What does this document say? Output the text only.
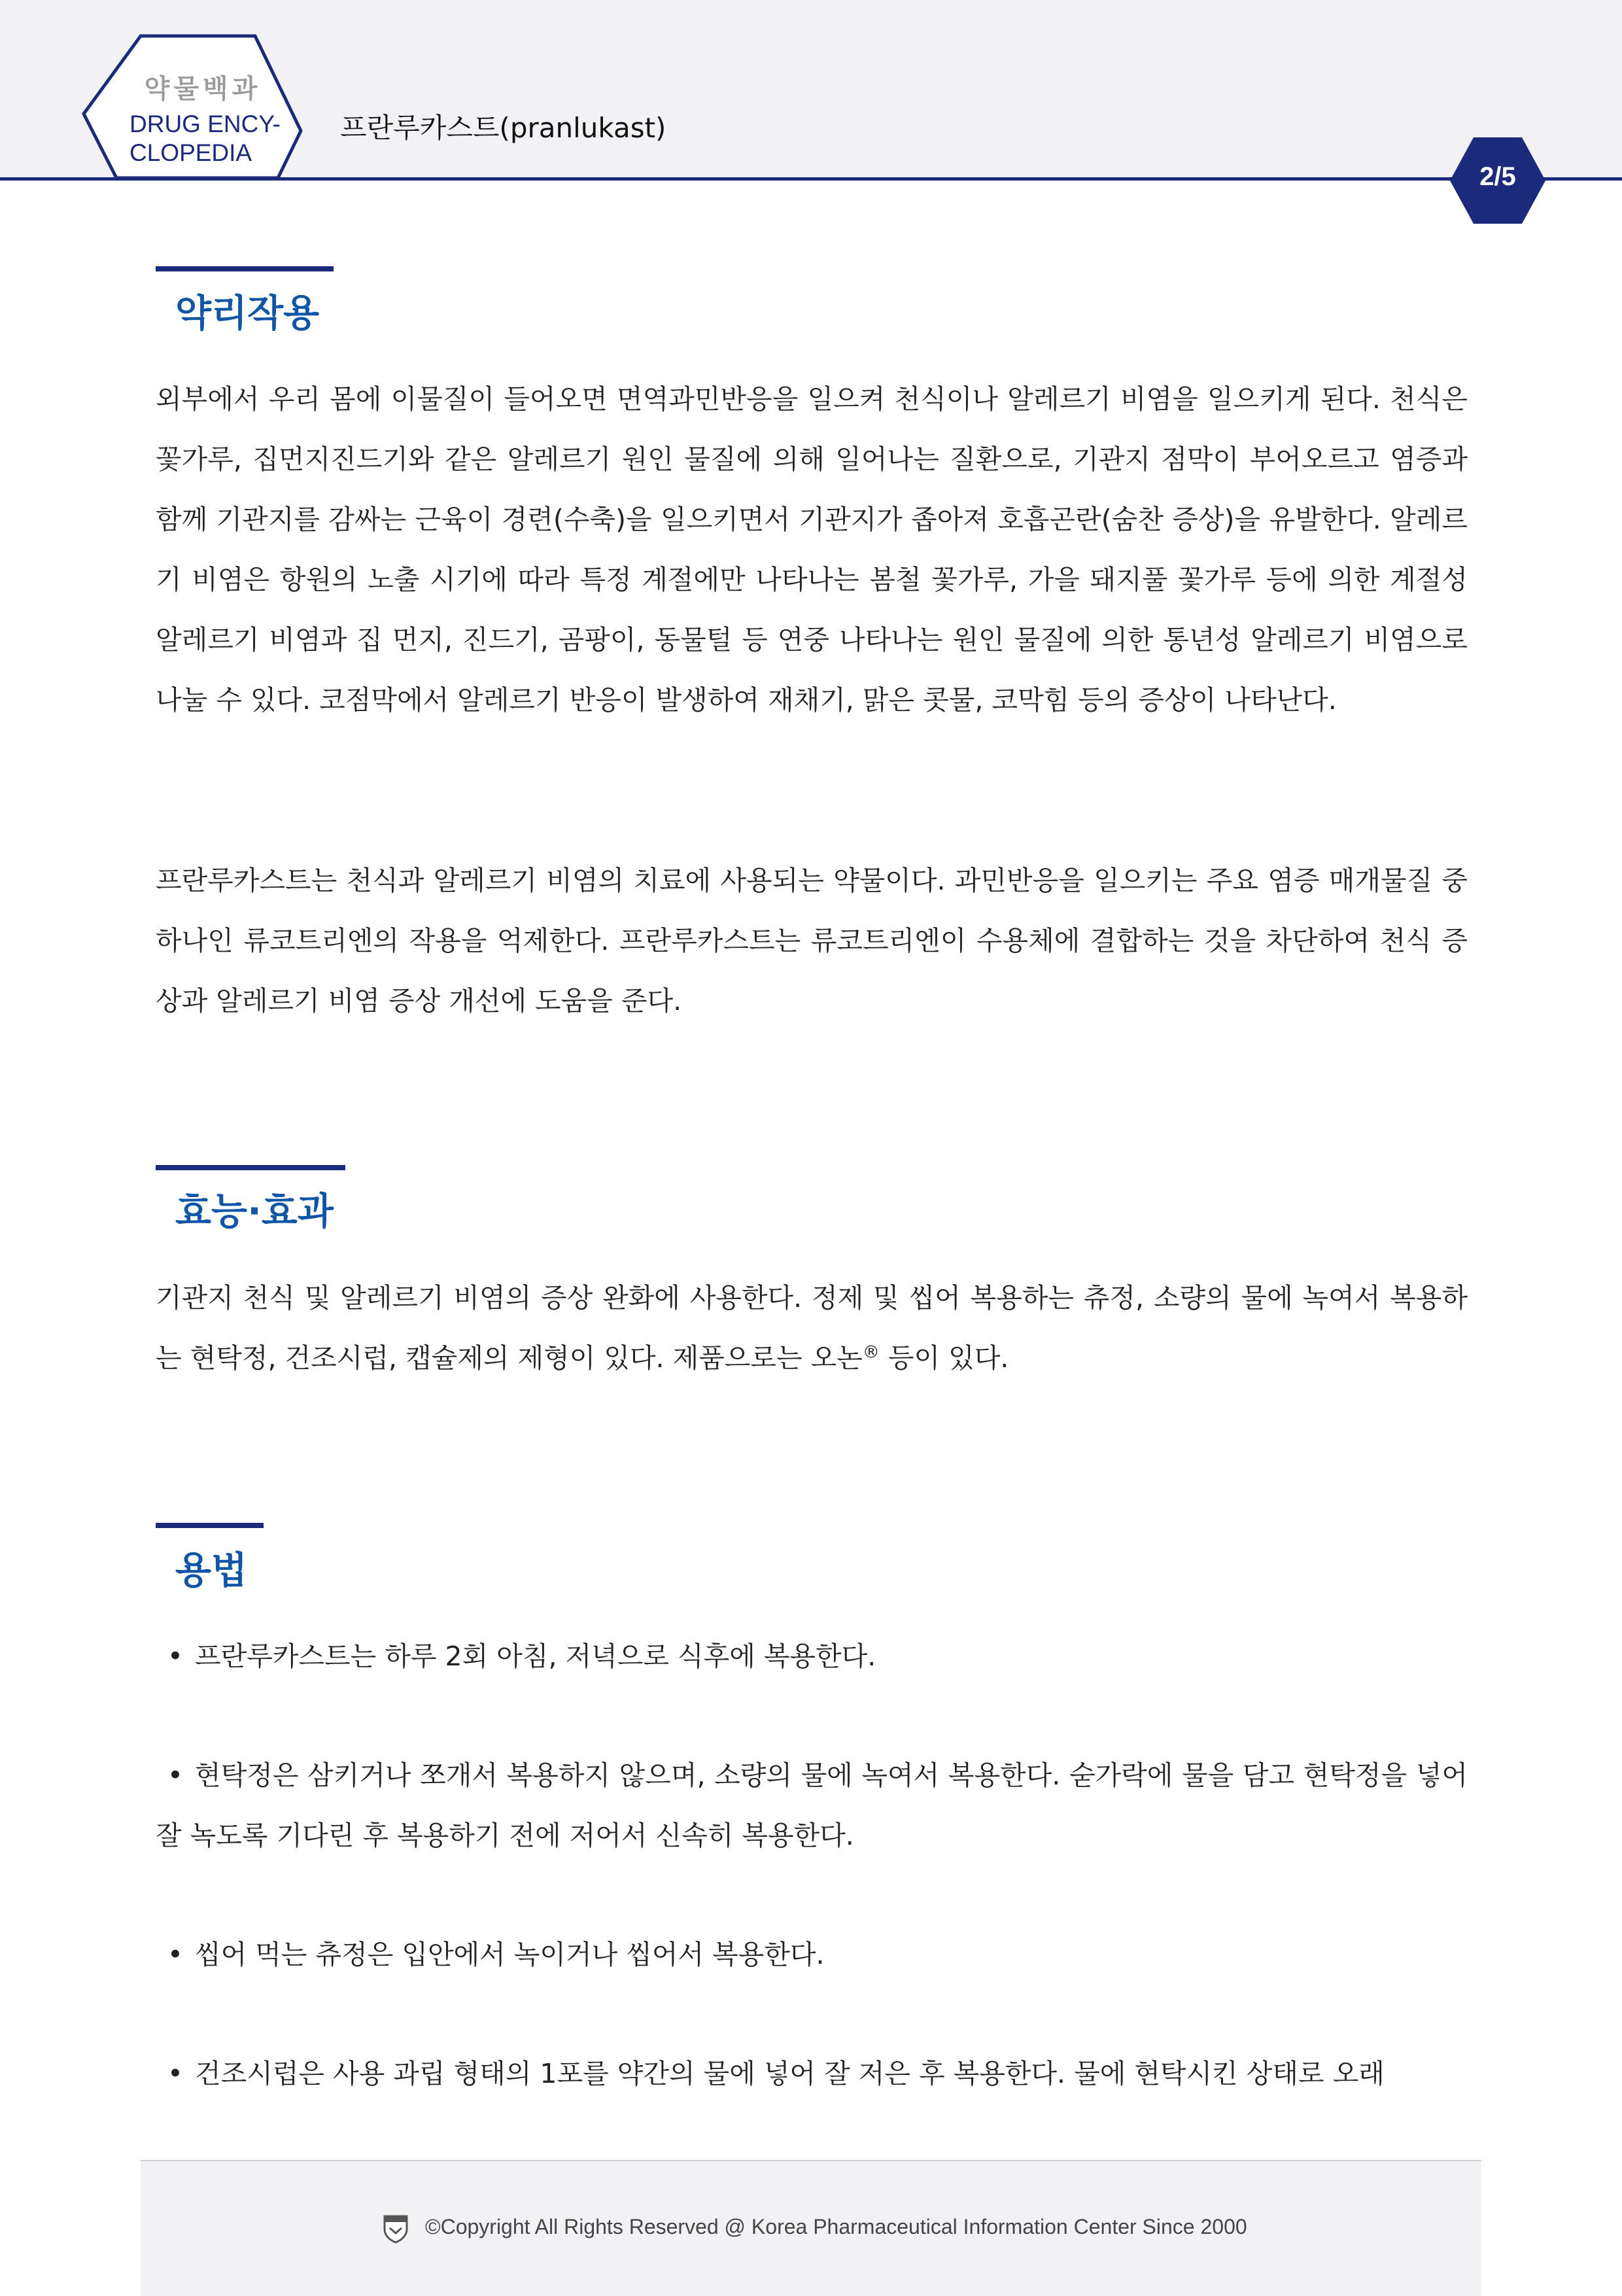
약물백과
DRUG ENCY-
CLOPEDIA
프란루카스트(pranlukast)
2/5
약리작용

외부에서 우리 몸에 이물질이 들어오면 면역과민반응을 일으켜 천식이나 알레르기 비염을 일으키게 된다. 천식은 꽃가루, 집먼지진드기와 같은 알레르기 원인 물질에 의해 일어나는 질환으로, 기관지 점막이 부어오르고 염증과 함께 기관지를 감싸는 근육이 경련(수축)을 일으키면서 기관지가 좁아져 호흡곤란(숨찬 증상)을 유발한다. 알레르기 비염은 항원의 노출 시기에 따라 특정 계절에만 나타나는 봄철 꽃가루, 가을 돼지풀 꽃가루 등에 의한 계절성 알레르기 비염과 집 먼지, 진드기, 곰팡이, 동물털 등 연중 나타나는 원인 물질에 의한 통년성 알레르기 비염으로 나눌 수 있다. 코점막에서 알레르기 반응이 발생하여 재채기, 맑은 콧물, 코막힘 등의 증상이 나타난다.

프란루카스트는 천식과 알레르기 비염의 치료에 사용되는 약물이다. 과민반응을 일으키는 주요 염증 매개물질 중 하나인 류코트리엔의 작용을 억제한다. 프란루카스트는 류코트리엔이 수용체에 결합하는 것을 차단하여 천식 증상과 알레르기 비염 증상 개선에 도움을 준다.

효능·효과

기관지 천식 및 알레르기 비염의 증상 완화에 사용한다. 정제 및 씹어 복용하는 츄정, 소량의 물에 녹여서 복용하는 현탁정, 건조시럽, 캡슐제의 제형이 있다. 제품으로는 오논® 등이 있다.

용법

• 프란루카스트는 하루 2회 아침, 저녁으로 식후에 복용한다.

• 현탁정은 삼키거나 쪼개서 복용하지 않으며, 소량의 물에 녹여서 복용한다. 숟가락에 물을 담고 현탁정을 넣어 잘 녹도록 기다린 후 복용하기 전에 저어서 신속히 복용한다.

• 씹어 먹는 츄정은 입안에서 녹이거나 씹어서 복용한다.

• 건조시럽은 사용 과립 형태의 1포를 약간의 물에 넣어 잘 저은 후 복용한다. 물에 현탁시킨 상태로 오래

©Copyright All Rights Reserved @ Korea Pharmaceutical Information Center Since 2000
